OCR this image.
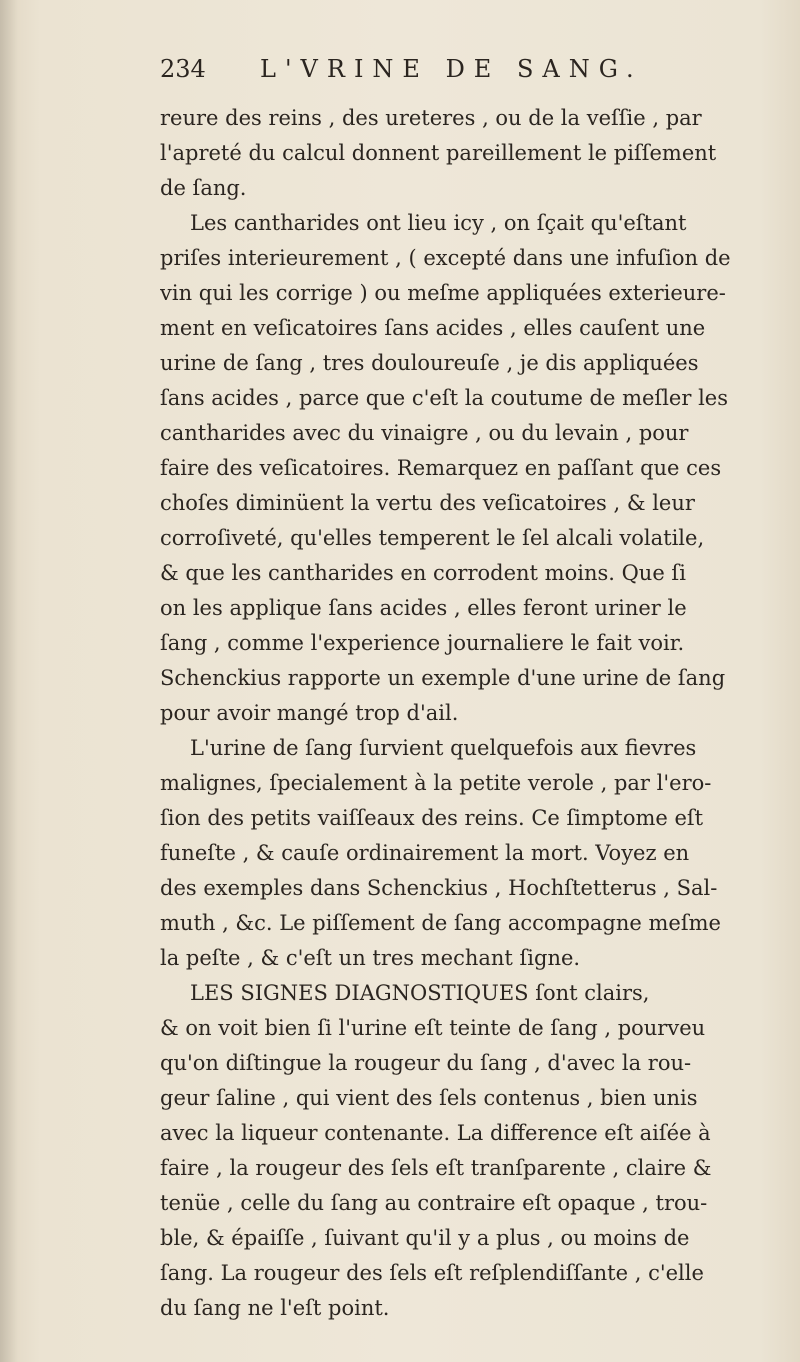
234	L'VRINE DE SANG.
reure des reins , des ureteres , ou de la veſſie , par
l'apreté du calcul donnent pareillement le piſſement
de ſang.
Les cantharides ont lieu icy , on ſçait qu'eſtant
priſes interieurement , ( excepté dans une infuſion de
vin qui les corrige ) ou meſme appliquées exterieure-
ment en veſicatoires ſans acides , elles cauſent une
urine de ſang , tres douloureuſe , je dis appliquées
ſans acides , parce que c'eſt la coutume de meſler les
cantharides avec du vinaigre , ou du levain , pour
faire des veſicatoires. Remarquez en paſſant que ces
choſes diminüent la vertu des veſicatoires , & leur
corroſiveté, qu'elles temperent le ſel alcali volatile,
& que les cantharides en corrodent moins. Que ſi
on les applique ſans acides , elles feront uriner le
ſang , comme l'experience journaliere le fait voir.
Schenckius rapporte un exemple d'une urine de ſang
pour avoir mangé trop d'ail.
L'urine de ſang ſurvient quelquefois aux fievres
malignes, ſpecialement à la petite verole , par l'ero-
ſion des petits vaiſſeaux des reins. Ce ſimptome eſt
funeſte , & cauſe ordinairement la mort. Voyez en
des exemples dans Schenckius , Hochſtetterus , Sal-
muth , &c. Le piſſement de ſang accompagne meſme
la peſte , & c'eſt un tres mechant ſigne.
LES SIGNES DIAGNOSTIQUES ſont clairs,
& on voit bien ſi l'urine eſt teinte de ſang , pourveu
qu'on diſtingue la rougeur du ſang , d'avec la rou-
geur ſaline , qui vient des ſels contenus , bien unis
avec la liqueur contenante. La difference eſt aiſée à
faire , la rougeur des ſels eſt tranſparente , claire &
tenüe , celle du ſang au contraire eſt opaque , trou-
ble, & épaiſſe , ſuivant qu'il y a plus , ou moins de
ſang. La rougeur des ſels eſt reſplendiſſante , c'elle
du ſang ne l'eſt point.
